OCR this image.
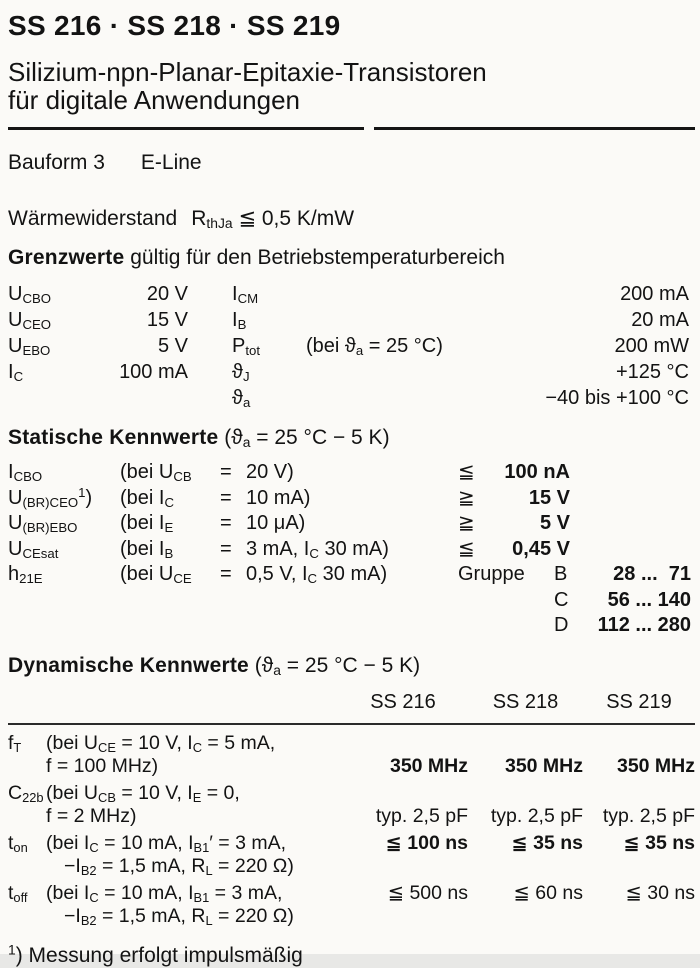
SS 216 · SS 218 · SS 219
Silizium-npn-Planar-Epitaxie-Transistoren
für digitale Anwendungen
Bauform 3 E-Line
Wärmewiderstand $R_{thJa}$ ≦ 0,5 K/mW
Grenzwerte gültig für den Betriebstemperaturbereich
$U_{CBO}$	20 V $I_{CM}$	200 mA
$U_{CEO}$	15 V $I_B$	20 mA
$U_{EBO}$	5 V $P_{tot}$	(bei $ϑ_a = 25$ °C)	200 mW
$I_C$	100 mA $ϑ_J$	+125 °C
$ϑ_a$	−40 bis +100 °C
Statische Kennwerte ($ϑ_a = 25$ °C − 5 K)
$I_{CBO}$	(bei $U_{CB}$	= 20 V)	≦	100 nA
$U_{(BR)CEO}^1$)	(bei $I_C$	= 10 mA)	≧	15 V
$U_{(BR)EBO}$	(bei $I_E$	= 10 μA)	≧	5 V
$U_{CEsat}$	(bei $I_B$	= 3 mA, $I_C$ 30 mA)	≦	0,45 V
$h_{21E}$	(bei $U_{CE}$	= 0,5 V, $I_C$ 30 mA)	Gruppe	B	28 ...  71
C	56 ... 140
D	112 ... 280
Dynamische Kennwerte ($ϑ_a = 25$ °C − 5 K)
SS 216	SS 218	SS 219
$f_T$ (bei $U_{CE} = 10$ V, $I_C = 5$ mA,
f = 100 MHz)	350 MHz	350 MHz	350 MHz
$C_{22b}$ (bei $U_{CB} = 10$ V, $I_E = 0$,
f = 2 MHz)	typ. 2,5 pF	typ. 2,5 pF	typ. 2,5 pF
$t_{on}$ (bei $I_C = 10$ mA, $I_{B1}' = 3$ mA,
$-I_{B2} = 1,5$ mA, $R_L = 220$ Ω)
≦ 100 ns	≦ 35 ns	≦ 35 ns
$t_{off}$ (bei $I_C = 10$ mA, $I_{B1} = 3$ mA,
$-I_{B2} = 1,5$ mA, $R_L = 220$ Ω)
≦ 500 ns	≦ 60 ns	≦ 30 ns
$^1$) Messung erfolgt impulsmäßig
